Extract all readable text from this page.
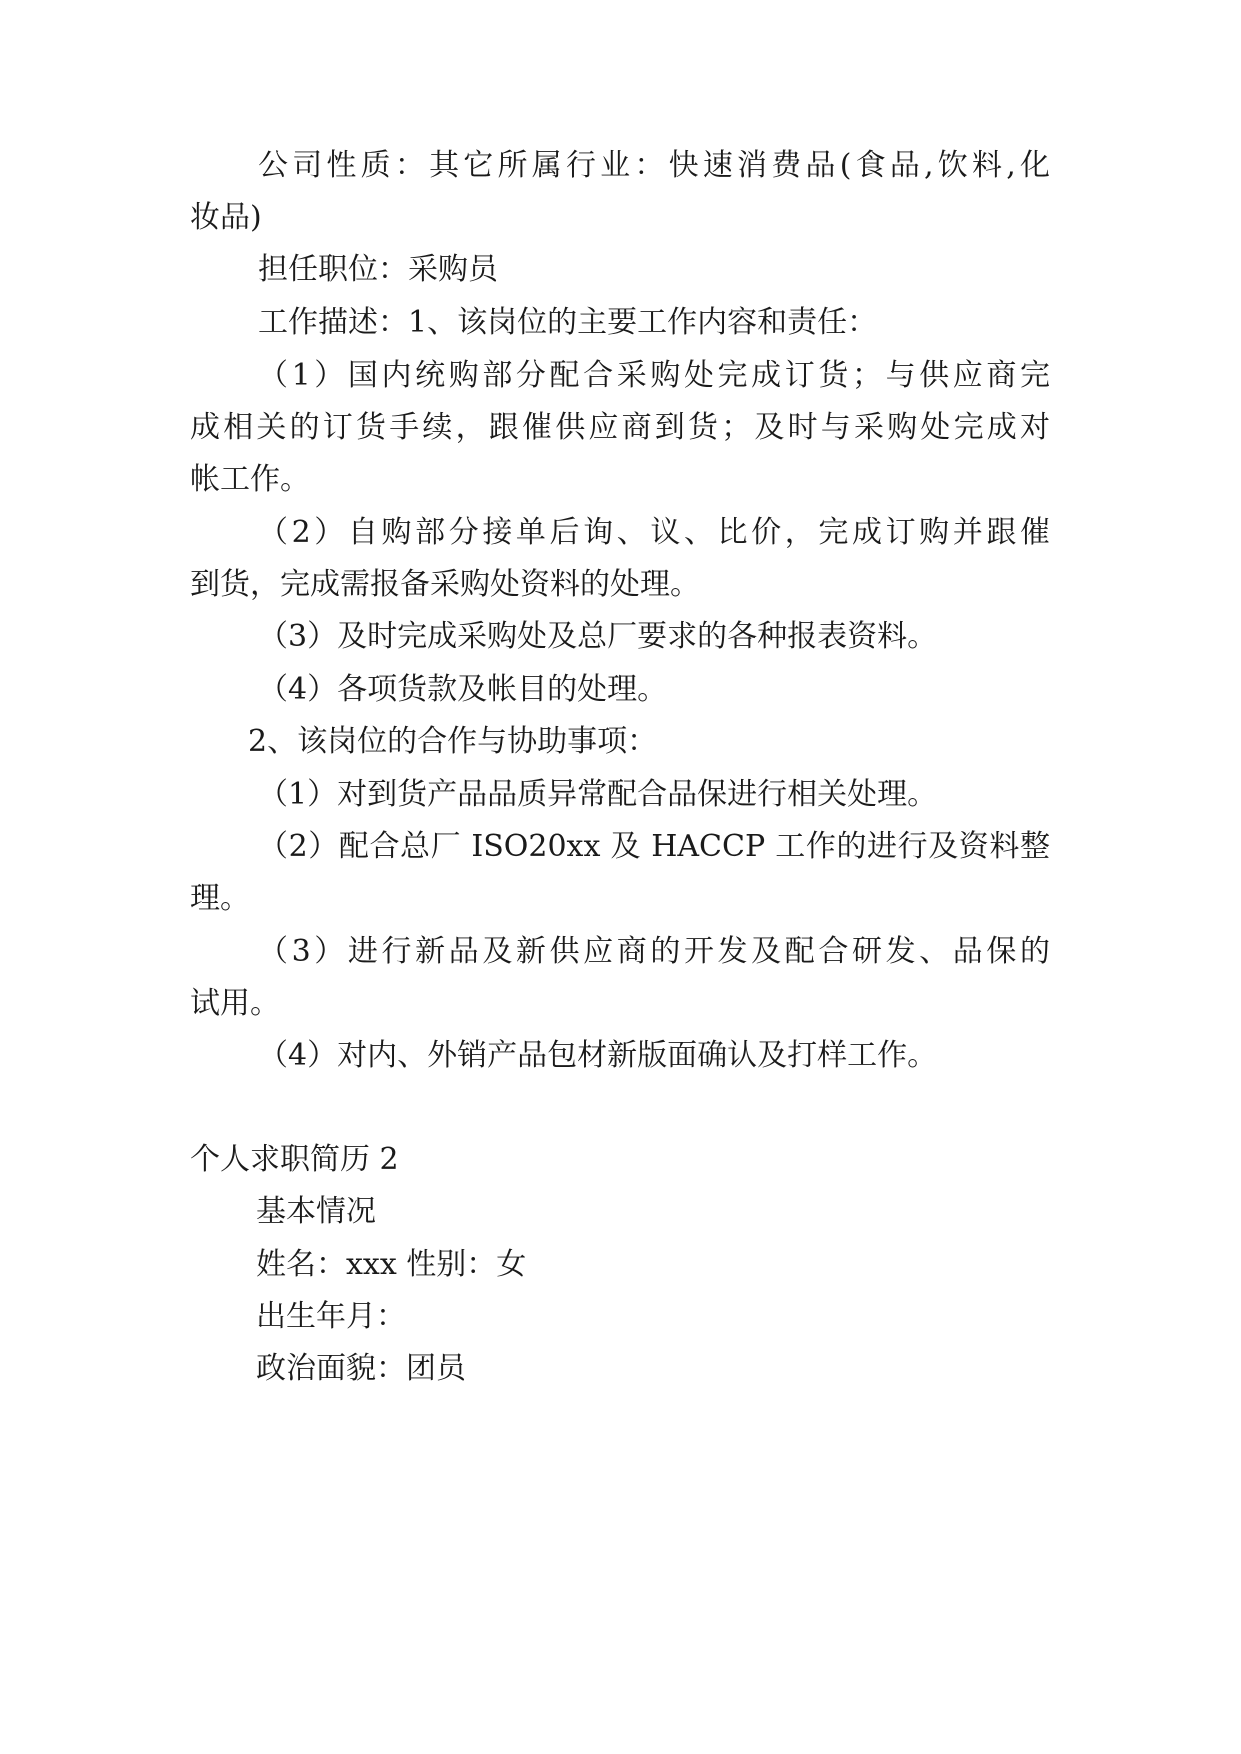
公司性质：其它所属行业：快速消费品(食品,饮料,化
妆品)
担任职位：采购员
工作描述：1、该岗位的主要工作内容和责任：
（1）国内统购部分配合采购处完成订货；与供应商完
成相关的订货手续，跟催供应商到货；及时与采购处完成对
帐工作。
（2）自购部分接单后询、议、比价，完成订购并跟催
到货，完成需报备采购处资料的处理。
（3）及时完成采购处及总厂要求的各种报表资料。
（4）各项货款及帐目的处理。
2、该岗位的合作与协助事项：
（1）对到货产品品质异常配合品保进行相关处理。
（2）配合总厂 ISO20xx 及 HACCP 工作的进行及资料整
理。
（3）进行新品及新供应商的开发及配合研发、品保的
试用。
（4）对内、外销产品包材新版面确认及打样工作。
个人求职简历 2
基本情况
姓名：xxx 性别：女
出生年月：
政治面貌：团员
